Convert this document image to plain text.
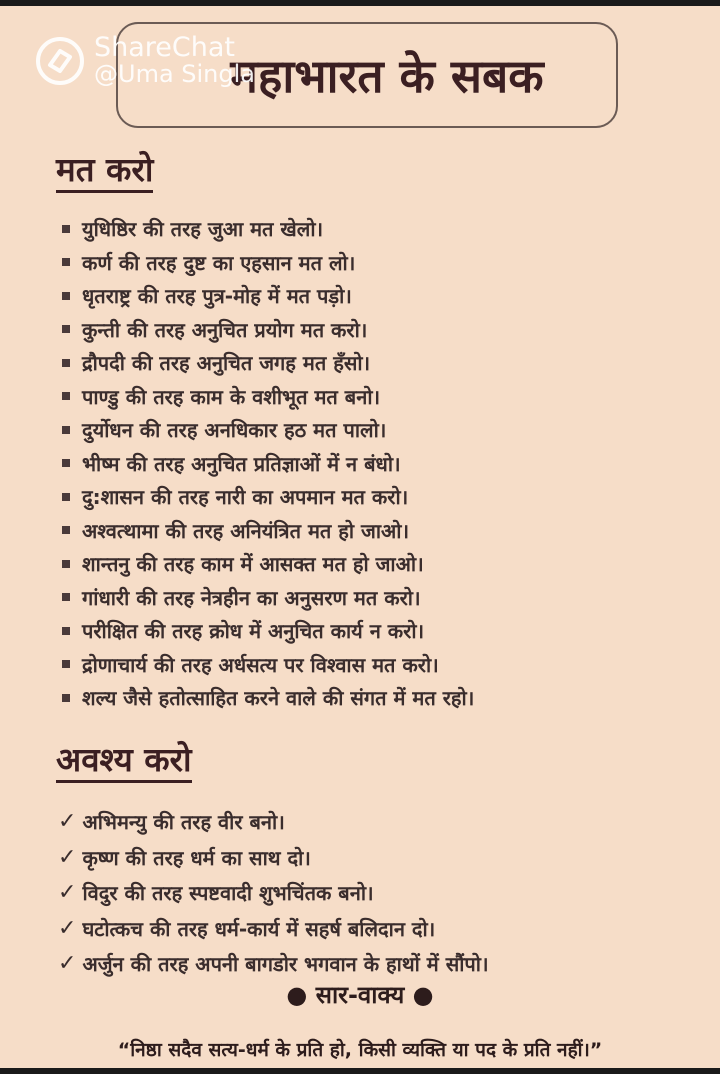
महाभारत के सबक
ShareChat
@Uma Singla
मत करो
युधिष्ठिर की तरह जुआ मत खेलो।
कर्ण की तरह दुष्ट का एहसान मत लो।
धृतराष्ट्र की तरह पुत्र-मोह में मत पड़ो।
कुन्ती की तरह अनुचित प्रयोग मत करो।
द्रौपदी की तरह अनुचित जगह मत हँसो।
पाण्डु की तरह काम के वशीभूत मत बनो।
दुर्योधन की तरह अनधिकार हठ मत पालो।
भीष्म की तरह अनुचित प्रतिज्ञाओं में न बंधो।
दु:शासन की तरह नारी का अपमान मत करो।
अश्वत्थामा की तरह अनियंत्रित मत हो जाओ।
शान्तनु की तरह काम में आसक्त मत हो जाओ।
गांधारी की तरह नेत्रहीन का अनुसरण मत करो।
परीक्षित की तरह क्रोध में अनुचित कार्य न करो।
द्रोणाचार्य की तरह अर्धसत्य पर विश्वास मत करो।
शल्य जैसे हतोत्साहित करने वाले की संगत में मत रहो।
अवश्य करो
✓ अभिमन्यु की तरह वीर बनो।
✓ कृष्ण की तरह धर्म का साथ दो।
✓ विदुर की तरह स्पष्टवादी शुभचिंतक बनो।
✓ घटोत्कच की तरह धर्म-कार्य में सहर्ष बलिदान दो।
✓ अर्जुन की तरह अपनी बागडोर भगवान के हाथों में सौंपो।
● सार-वाक्य ●
“निष्ठा सदैव सत्य-धर्म के प्रति हो, किसी व्यक्ति या पद के प्रति नहीं।”
